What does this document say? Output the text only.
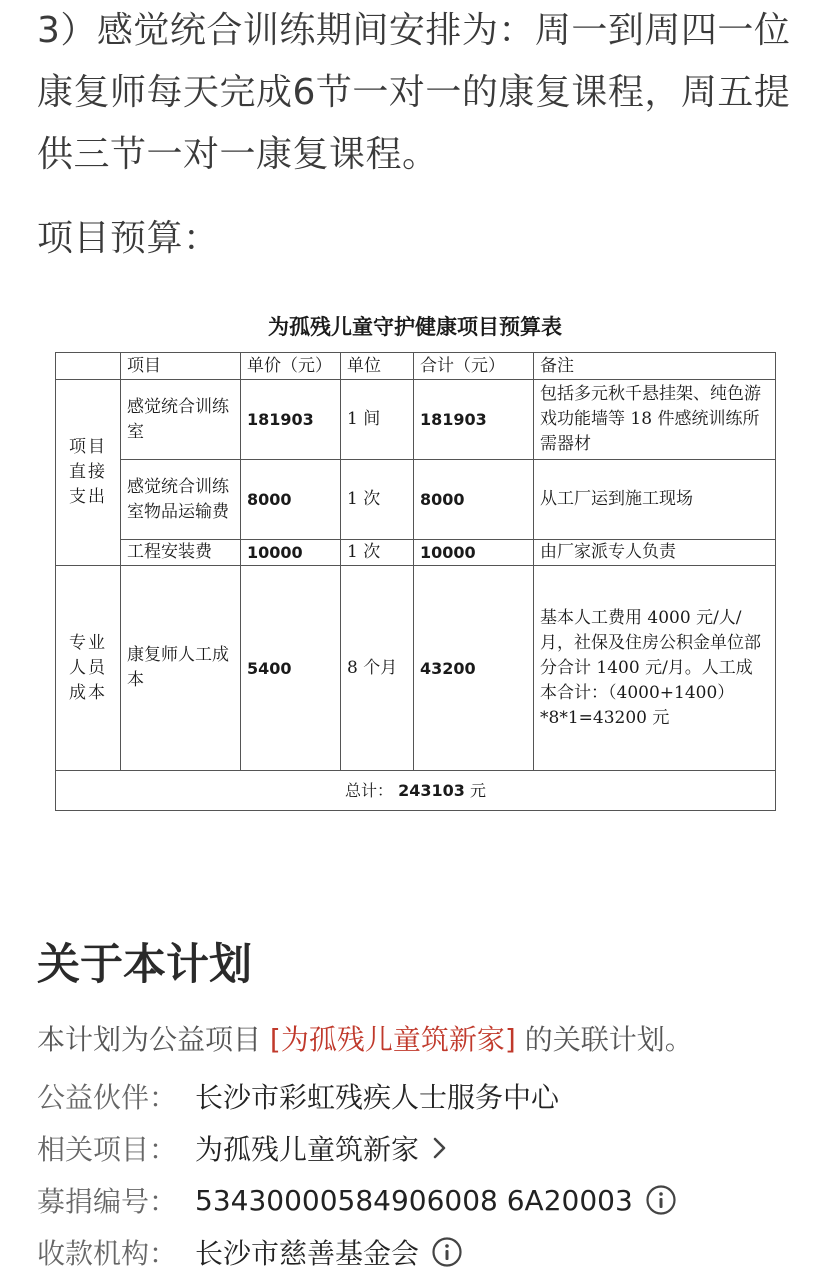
3）感觉统合训练期间安排为：周一到周四一位康复师每天完成6节一对一的康复课程，周五提供三节一对一康复课程。
项目预算：
为孤残儿童守护健康项目预算表
	项目	单价（元）	单位	合计（元）	备注
项目直接支出	感觉统合训练室	181903	1 间	181903	包括多元秋千悬挂架、纯色游戏功能墙等 18 件感统训练所需器材
	感觉统合训练室物品运输费	8000	1 次	8000	从工厂运到施工现场
	工程安装费	10000	1 次	10000	由厂家派专人负责
专业人员成本	康复师人工成本	5400	8 个月	43200	基本人工费用 4000 元/人/月，社保及住房公积金单位部分合计 1400 元/月。人工成本合计：（4000+1400）*8*1=43200 元
总计： 243103 元					
关于本计划
本计划为公益项目 [为孤残儿童筑新家] 的关联计划。
公益伙伴： 长沙市彩虹残疾人士服务中心
相关项目： 为孤残儿童筑新家
募捐编号： 53430000584906008 6A20003
收款机构： 长沙市慈善基金会
